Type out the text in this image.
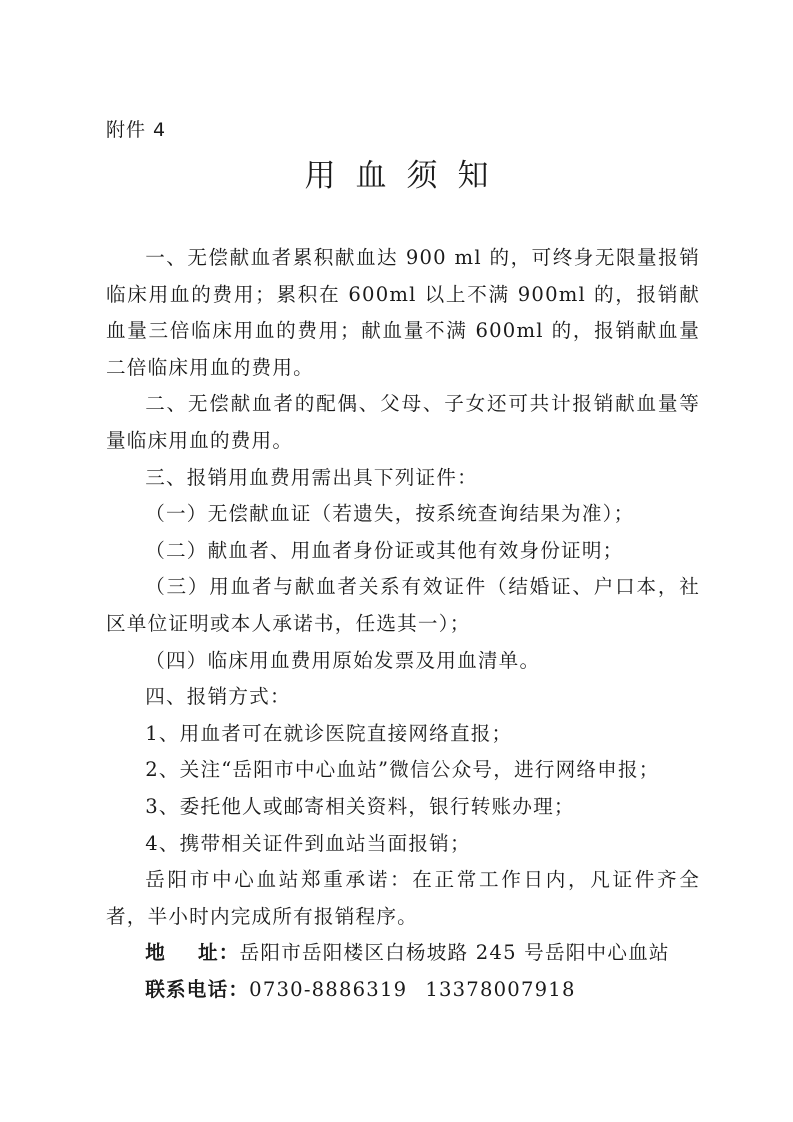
附件 4
用血须知

一、无偿献血者累积献血达 900 ml 的，可终身无限量报销临床用血的费用；累积在 600ml 以上不满 900ml 的，报销献血量三倍临床用血的费用；献血量不满 600ml 的，报销献血量二倍临床用血的费用。

二、无偿献血者的配偶、父母、子女还可共计报销献血量等量临床用血的费用。

三、报销用血费用需出具下列证件：

（一）无偿献血证（若遗失，按系统查询结果为准）；

（二）献血者、用血者身份证或其他有效身份证明；

（三）用血者与献血者关系有效证件（结婚证、户口本，社区单位证明或本人承诺书，任选其一）；

（四）临床用血费用原始发票及用血清单。

四、报销方式：

1、用血者可在就诊医院直接网络直报；

2、关注“岳阳市中心血站”微信公众号，进行网络申报；

3、委托他人或邮寄相关资料，银行转账办理；

4、携带相关证件到血站当面报销；

岳阳市中心血站郑重承诺：在正常工作日内，凡证件齐全者，半小时内完成所有报销程序。

地 址：岳阳市岳阳楼区白杨坡路 245 号岳阳中心血站

联系电话：0730-8886319 13378007918
